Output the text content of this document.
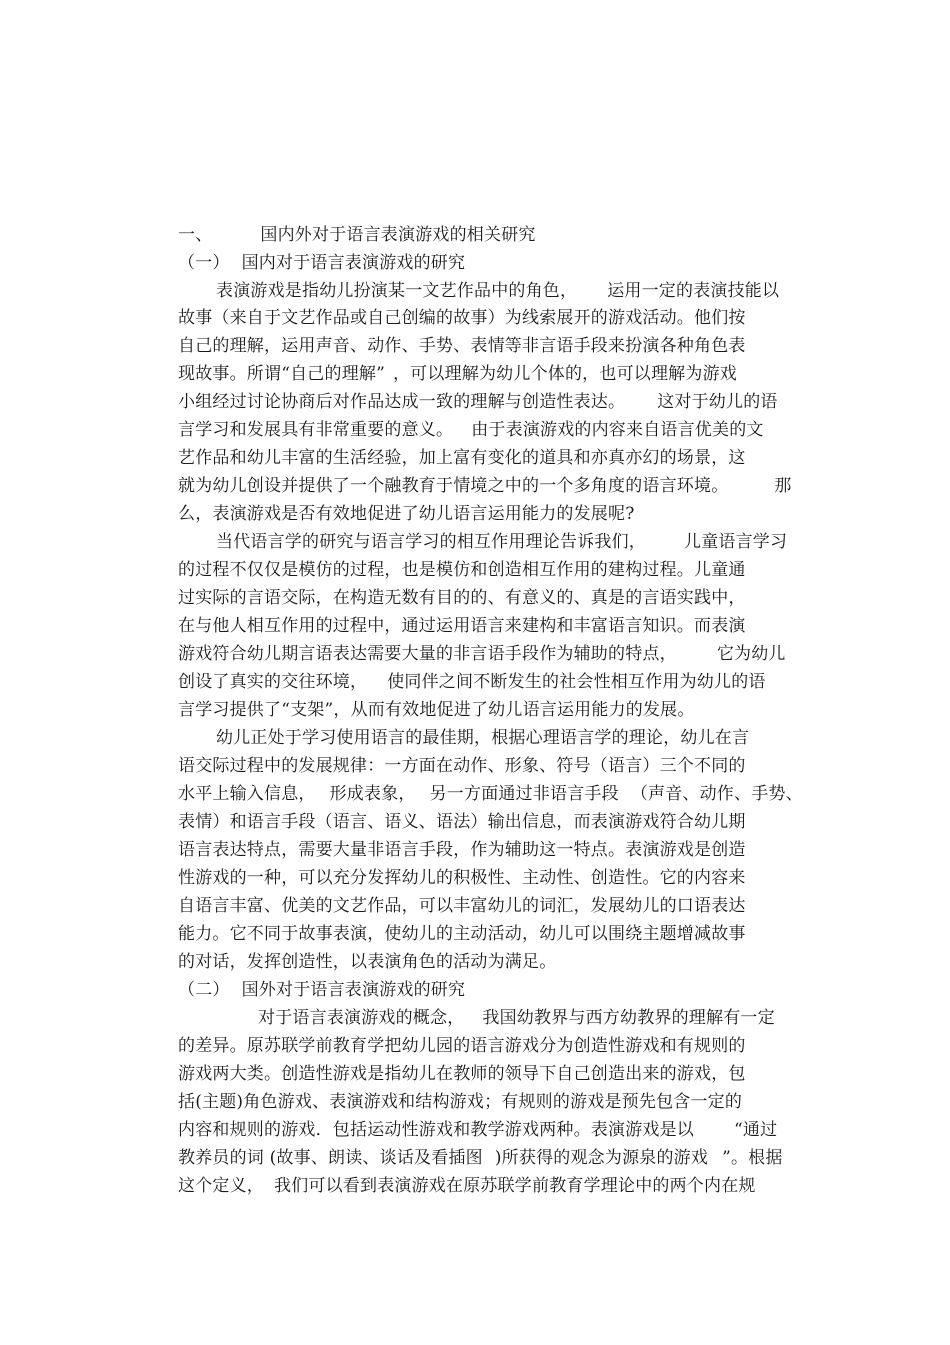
一、	国内外对于语言表演游戏的相关研究
（一） 国内对于语言表演游戏的研究
表演游戏是指幼儿扮演某一文艺作品中的角色， 运用一定的表演技能以
故事（来自于文艺作品或自己创编的故事）为线索展开的游戏活动。他们按
自己的理解，运用声音、动作、手势、表情等非言语手段来扮演各种角色表
现故事。所谓“自己的理解” ，可以理解为幼儿个体的，也可以理解为游戏
小组经过讨论协商后对作品达成一致的理解与创造性表达。 这对于幼儿的语
言学习和发展具有非常重要的意义。 由于表演游戏的内容来自语言优美的文
艺作品和幼儿丰富的生活经验，加上富有变化的道具和亦真亦幻的场景，这
就为幼儿创设并提供了一个融教育于情境之中的一个多角度的语言环境。	那
么，表演游戏是否有效地促进了幼儿语言运用能力的发展呢?
当代语言学的研究与语言学习的相互作用理论告诉我们， 儿童语言学习
的过程不仅仅是模仿的过程，也是模仿和创造相互作用的建构过程。儿童通
过实际的言语交际，在构造无数有目的的、有意义的、真是的言语实践中，
在与他人相互作用的过程中，通过运用语言来建构和丰富语言知识。而表演
游戏符合幼儿期言语表达需要大量的非言语手段作为辅助的特点， 它为幼儿
创设了真实的交往环境， 使同伴之间不断发生的社会性相互作用为幼儿的语
言学习提供了“支架”，从而有效地促进了幼儿语言运用能力的发展。
幼儿正处于学习使用语言的最佳期，根据心理语言学的理论，幼儿在言
语交际过程中的发展规律：一方面在动作、形象、符号（语言）三个不同的
水平上输入信息， 形成表象， 另一方面通过非语言手段 （声音、动作、手势、
表情）和语言手段（语言、语义、语法）输出信息，而表演游戏符合幼儿期
语言表达特点，需要大量非语言手段，作为辅助这一特点。表演游戏是创造
性游戏的一种，可以充分发挥幼儿的积极性、主动性、创造性。它的内容来
自语言丰富、优美的文艺作品，可以丰富幼儿的词汇，发展幼儿的口语表达
能力。它不同于故事表演，使幼儿的主动活动，幼儿可以围绕主题增减故事
的对话，发挥创造性，以表演角色的活动为满足。
（二） 国外对于语言表演游戏的研究
对于语言表演游戏的概念， 我国幼教界与西方幼教界的理解有一定
的差异。原苏联学前教育学把幼儿园的语言游戏分为创造性游戏和有规则的
游戏两大类。创造性游戏是指幼儿在教师的领导下自己创造出来的游戏，包
括(主题)角色游戏、表演游戏和结构游戏；有规则的游戏是预先包含一定的
内容和规则的游戏．包括运动性游戏和教学游戏两种。表演游戏是以 “通过
教养员的词 (故事、朗读、谈话及看插图 )所获得的观念为源泉的游戏 ”。根据
这个定义， 我们可以看到表演游戏在原苏联学前教育学理论中的两个内在规
